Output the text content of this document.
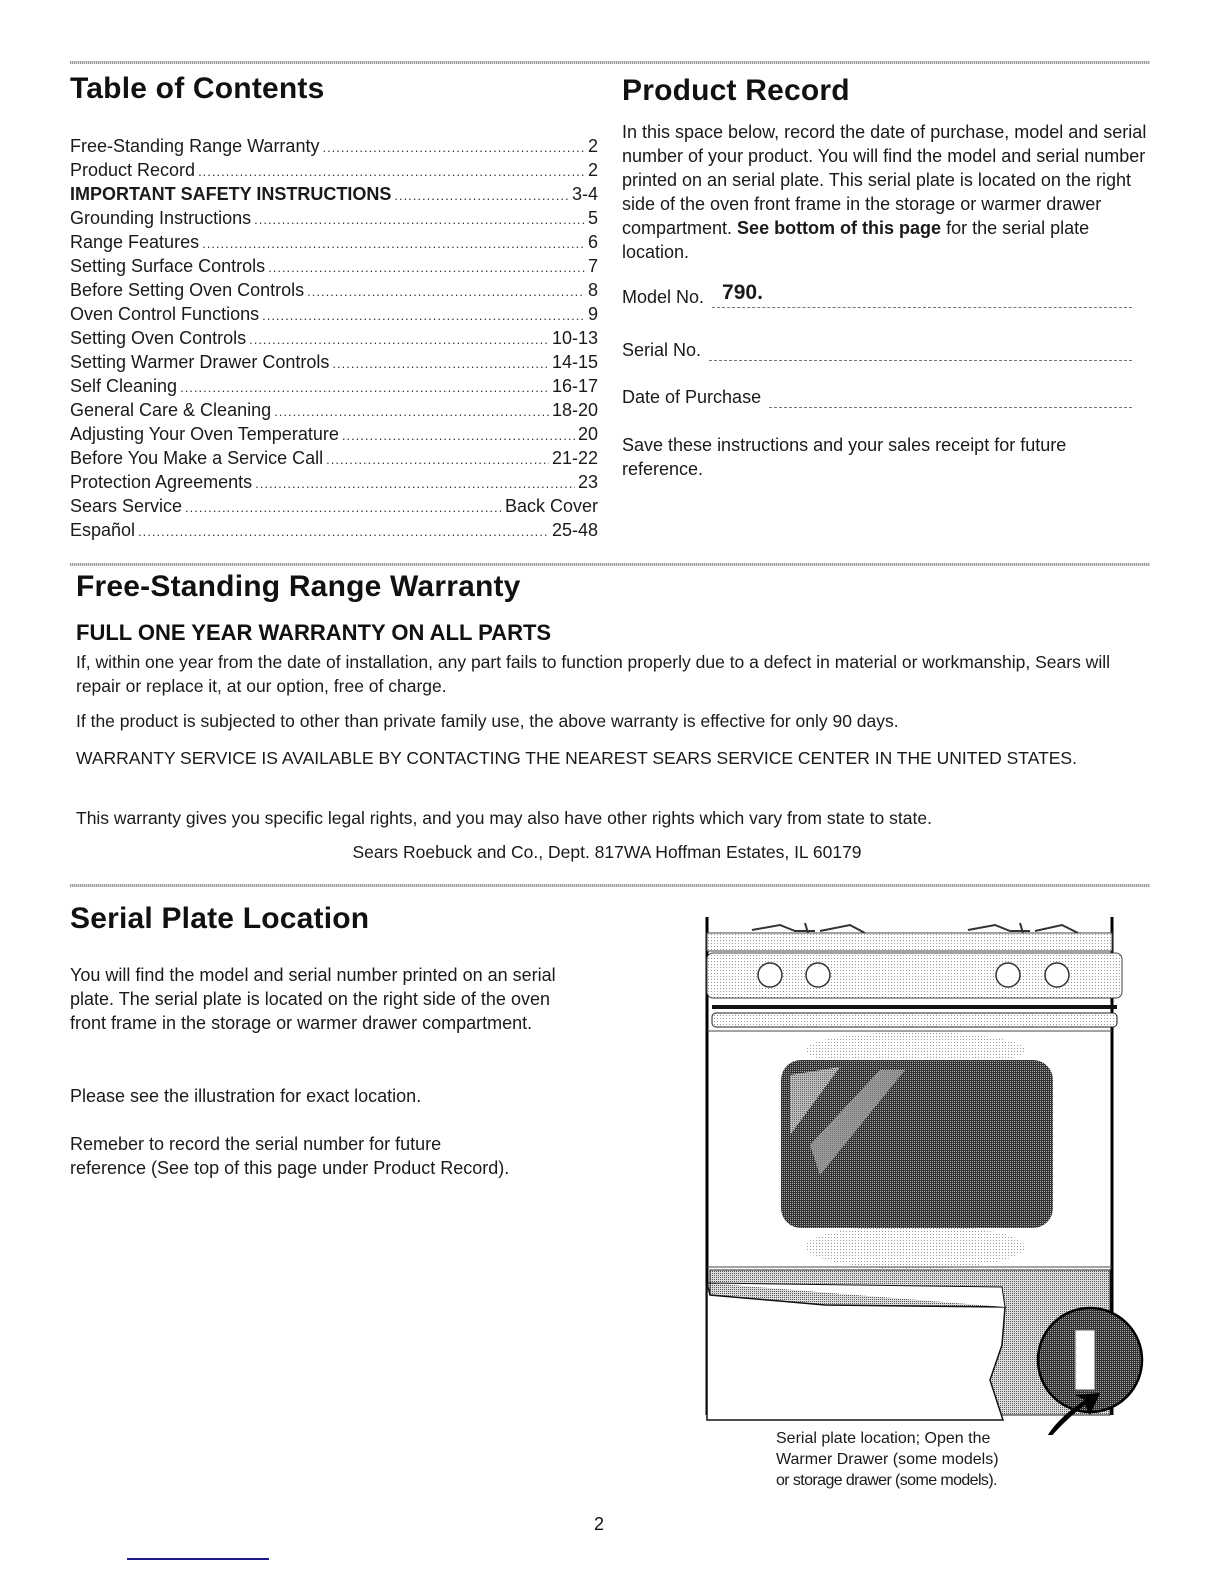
Table of Contents
Free-Standing Range Warranty .....	2
Product Record .....	2
IMPORTANT SAFETY INSTRUCTIONS .....	3-4
Grounding Instructions .....	5
Range Features .....	6
Setting Surface Controls .....	7
Before Setting Oven Controls .....	8
Oven Control Functions .....	9
Setting Oven Controls .....	10-13
Setting Warmer Drawer Controls .....	14-15
Self Cleaning .....	16-17
General Care & Cleaning .....	18-20
Adjusting Your Oven Temperature .....	20
Before You Make a Service Call .....	21-22
Protection Agreements .....	23
Sears Service .....	Back Cover
Español .....	25-48
Product Record
In this space below, record the date of purchase, model and serial number of your product. You will find the model and serial number printed on an serial plate. This serial plate is located on the right side of the oven front frame in the storage or warmer drawer compartment. See bottom of this page for the serial plate location.
Model No. 790.
Serial No.
Date of Purchase
Save these instructions and your sales receipt for future reference.
Free-Standing Range Warranty
FULL ONE YEAR WARRANTY ON ALL PARTS

If, within one year from the date of installation, any part fails to function properly due to a defect in material or workmanship, Sears will repair or replace it, at our option, free of charge.

If the product is subjected to other than private family use, the above warranty is effective for only 90 days.

WARRANTY SERVICE IS AVAILABLE BY CONTACTING THE NEAREST SEARS SERVICE CENTER IN THE UNITED STATES.

This warranty gives you specific legal rights, and you may also have other rights which vary from state to state.

Sears Roebuck and Co., Dept. 817WA Hoffman Estates, IL 60179
Serial Plate Location

You will find the model and serial number printed on an serial plate. The serial plate is located on the right side of the oven front frame in the storage or warmer drawer compartment.

Please see the illustration for exact location.

Remeber to record the serial number for future reference (See top of this page under Product Record).

Serial plate location; Open the
Warmer Drawer (some models)
or storage drawer (some models).
2
